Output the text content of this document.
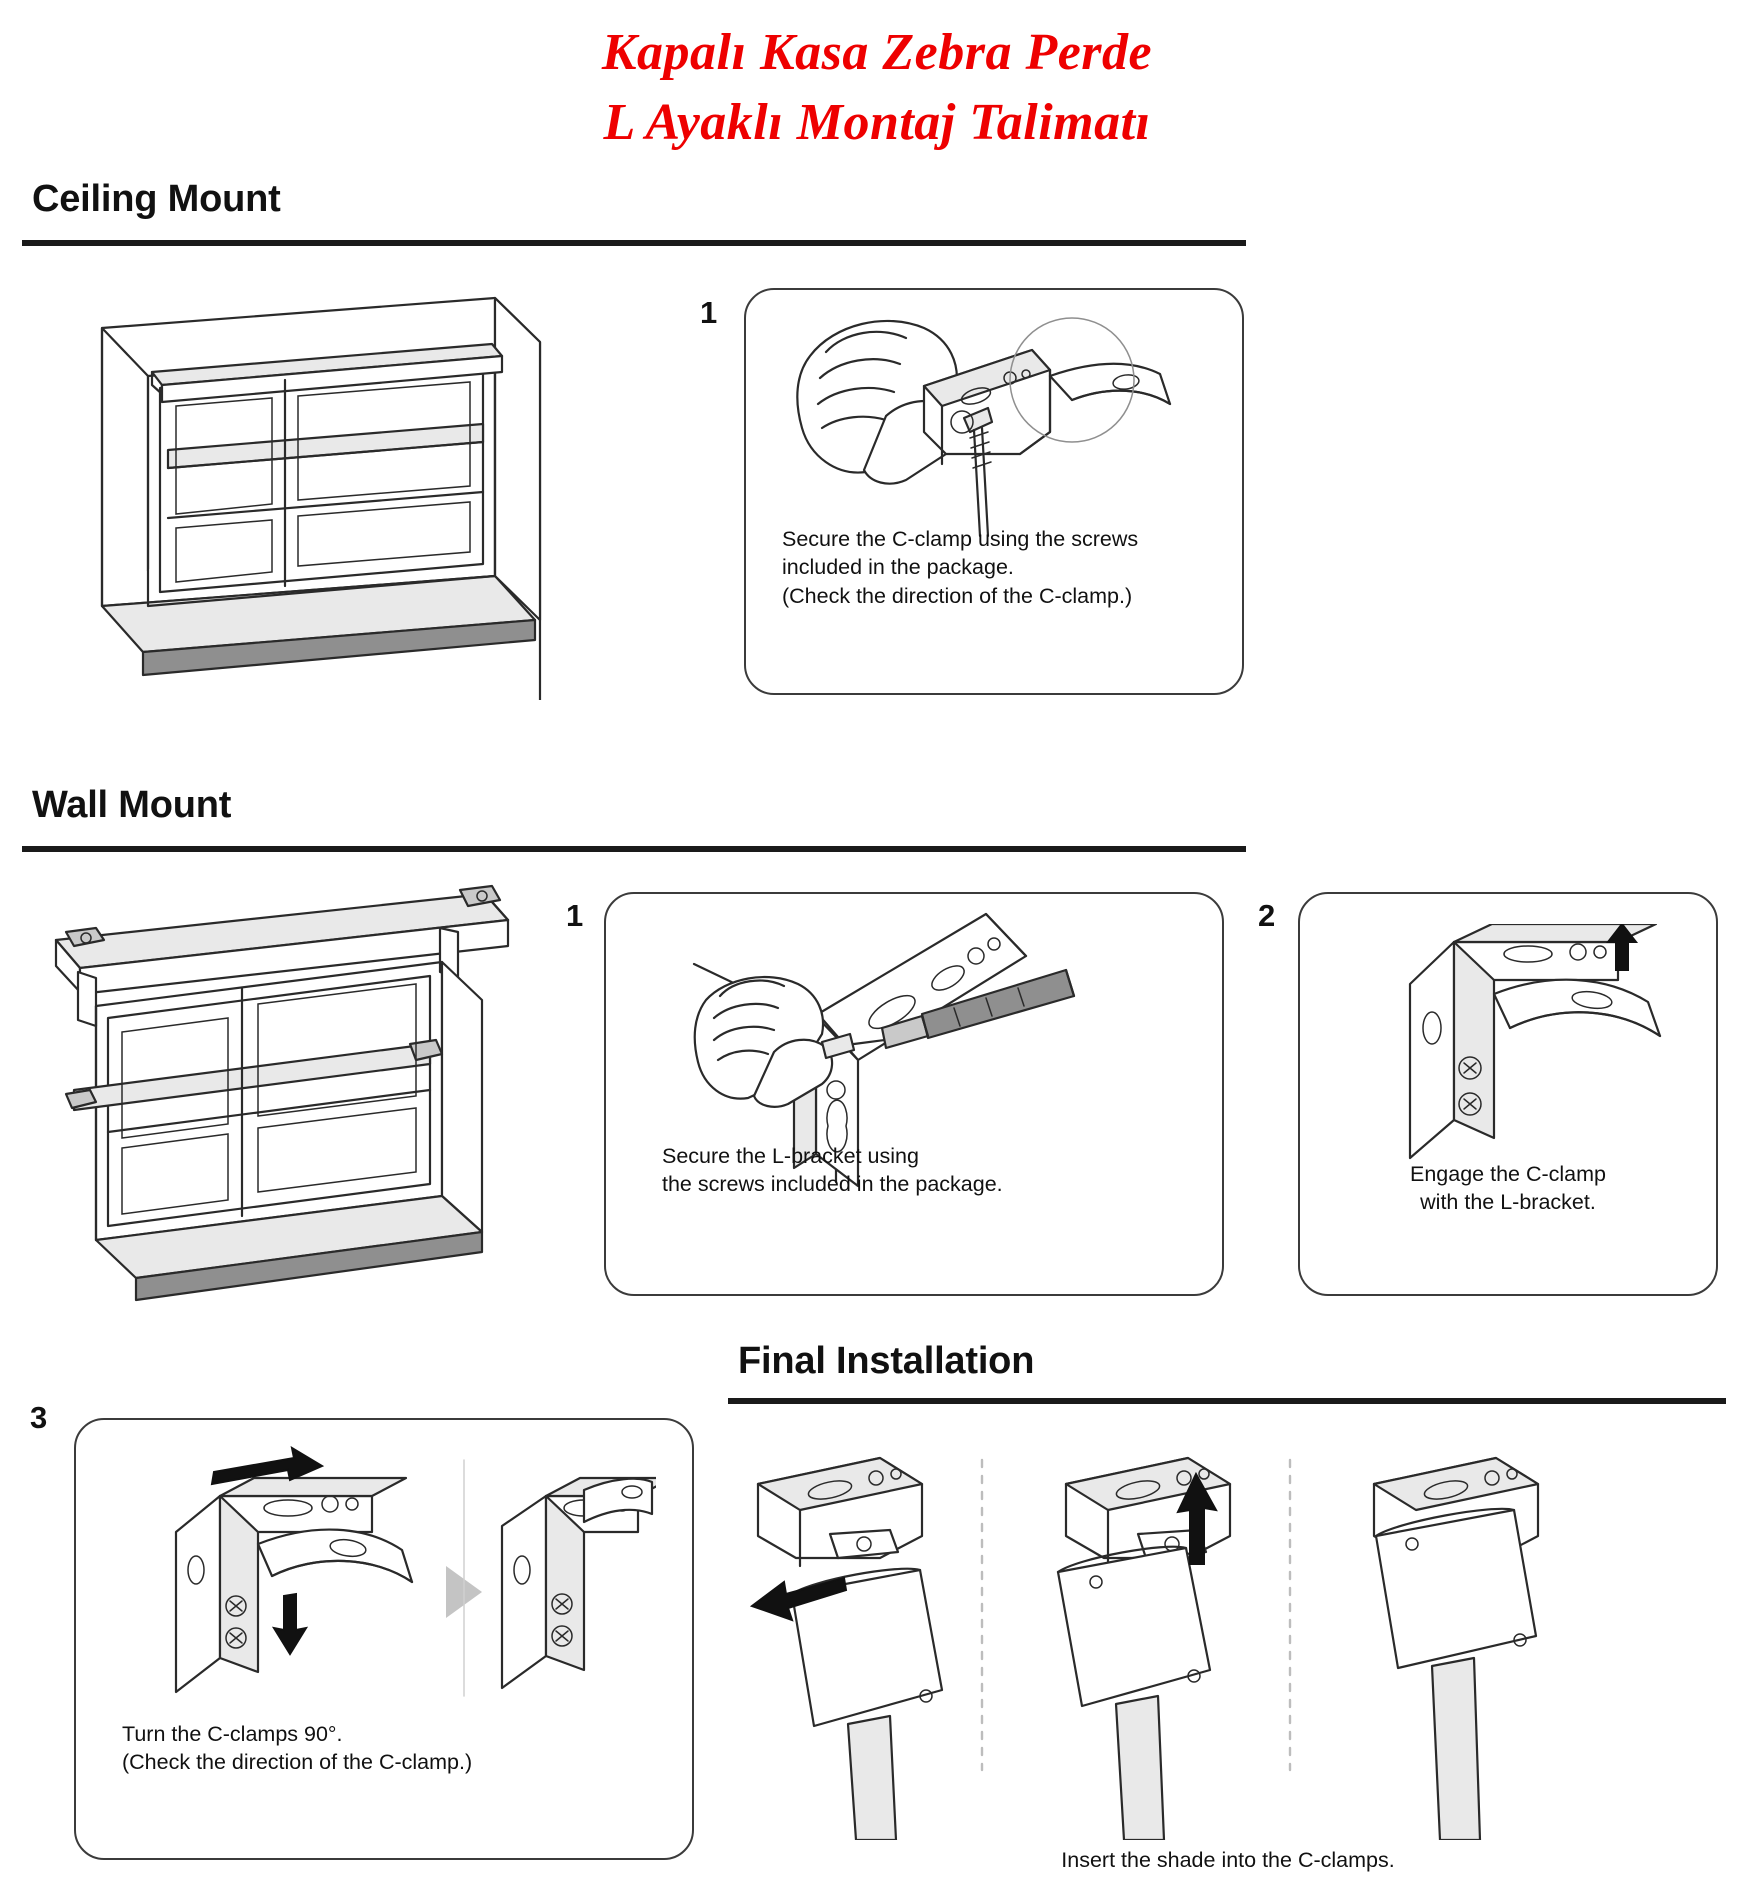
Kapalı Kasa Zebra Perde
L Ayaklı Montaj Talimatı
Ceiling Mount
1
Secure the C-clamp using the screws
included in the package.
(Check the direction of the C-clamp.)
Wall Mount
1
Secure the L-bracket using
the screws included in the package.
2
Engage the C-clamp
with the L-bracket.
3
Turn the C-clamps 90°.
(Check the direction of the C-clamp.)
Final Installation
Insert the shade into the C-clamps.
